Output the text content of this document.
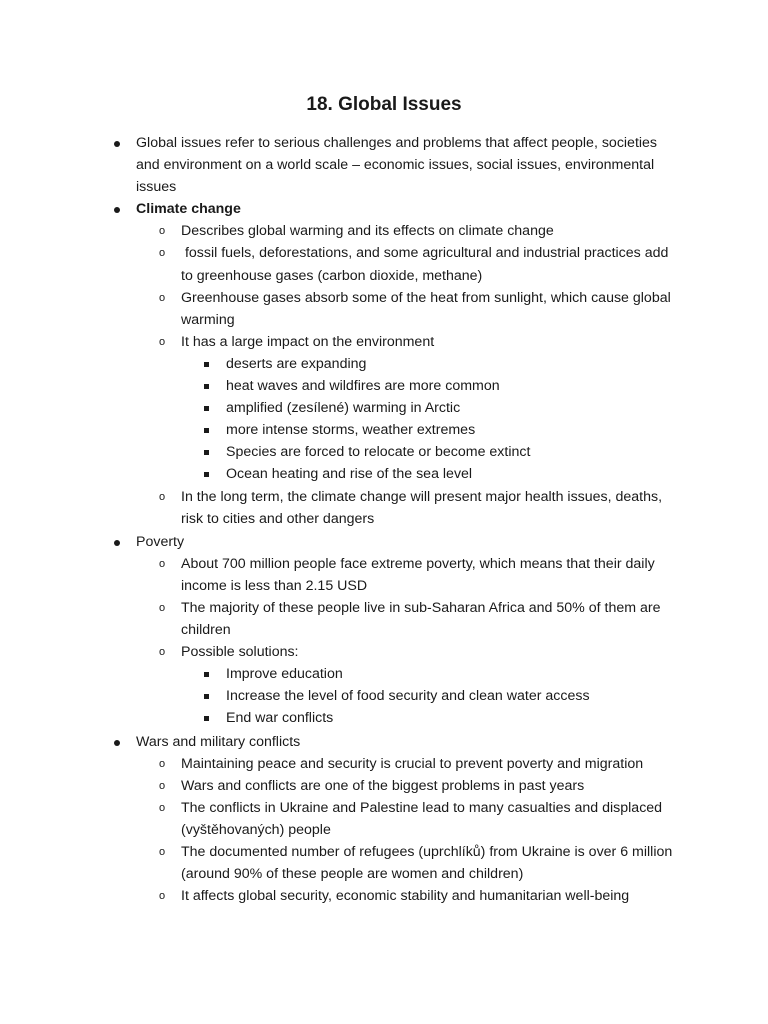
18. Global Issues
Global issues refer to serious challenges and problems that affect people, societies and environment on a world scale – economic issues, social issues, environmental issues
Climate change
o Describes global warming and its effects on climate change
o fossil fuels, deforestations, and some agricultural and industrial practices add to greenhouse gases (carbon dioxide, methane)
o Greenhouse gases absorb some of the heat from sunlight, which cause global warming
o It has a large impact on the environment
deserts are expanding
heat waves and wildfires are more common
amplified (zesílené) warming in Arctic
more intense storms, weather extremes
Species are forced to relocate or become extinct
Ocean heating and rise of the sea level
o In the long term, the climate change will present major health issues, deaths, risk to cities and other dangers
Poverty
o About 700 million people face extreme poverty, which means that their daily income is less than 2.15 USD
o The majority of these people live in sub-Saharan Africa and 50% of them are children
o Possible solutions:
Improve education
Increase the level of food security and clean water access
End war conflicts
Wars and military conflicts
o Maintaining peace and security is crucial to prevent poverty and migration
o Wars and conflicts are one of the biggest problems in past years
o The conflicts in Ukraine and Palestine lead to many casualties and displaced (vyštěhovaných) people
o The documented number of refugees (uprchlíků) from Ukraine is over 6 million (around 90% of these people are women and children)
o It affects global security, economic stability and humanitarian well-being
